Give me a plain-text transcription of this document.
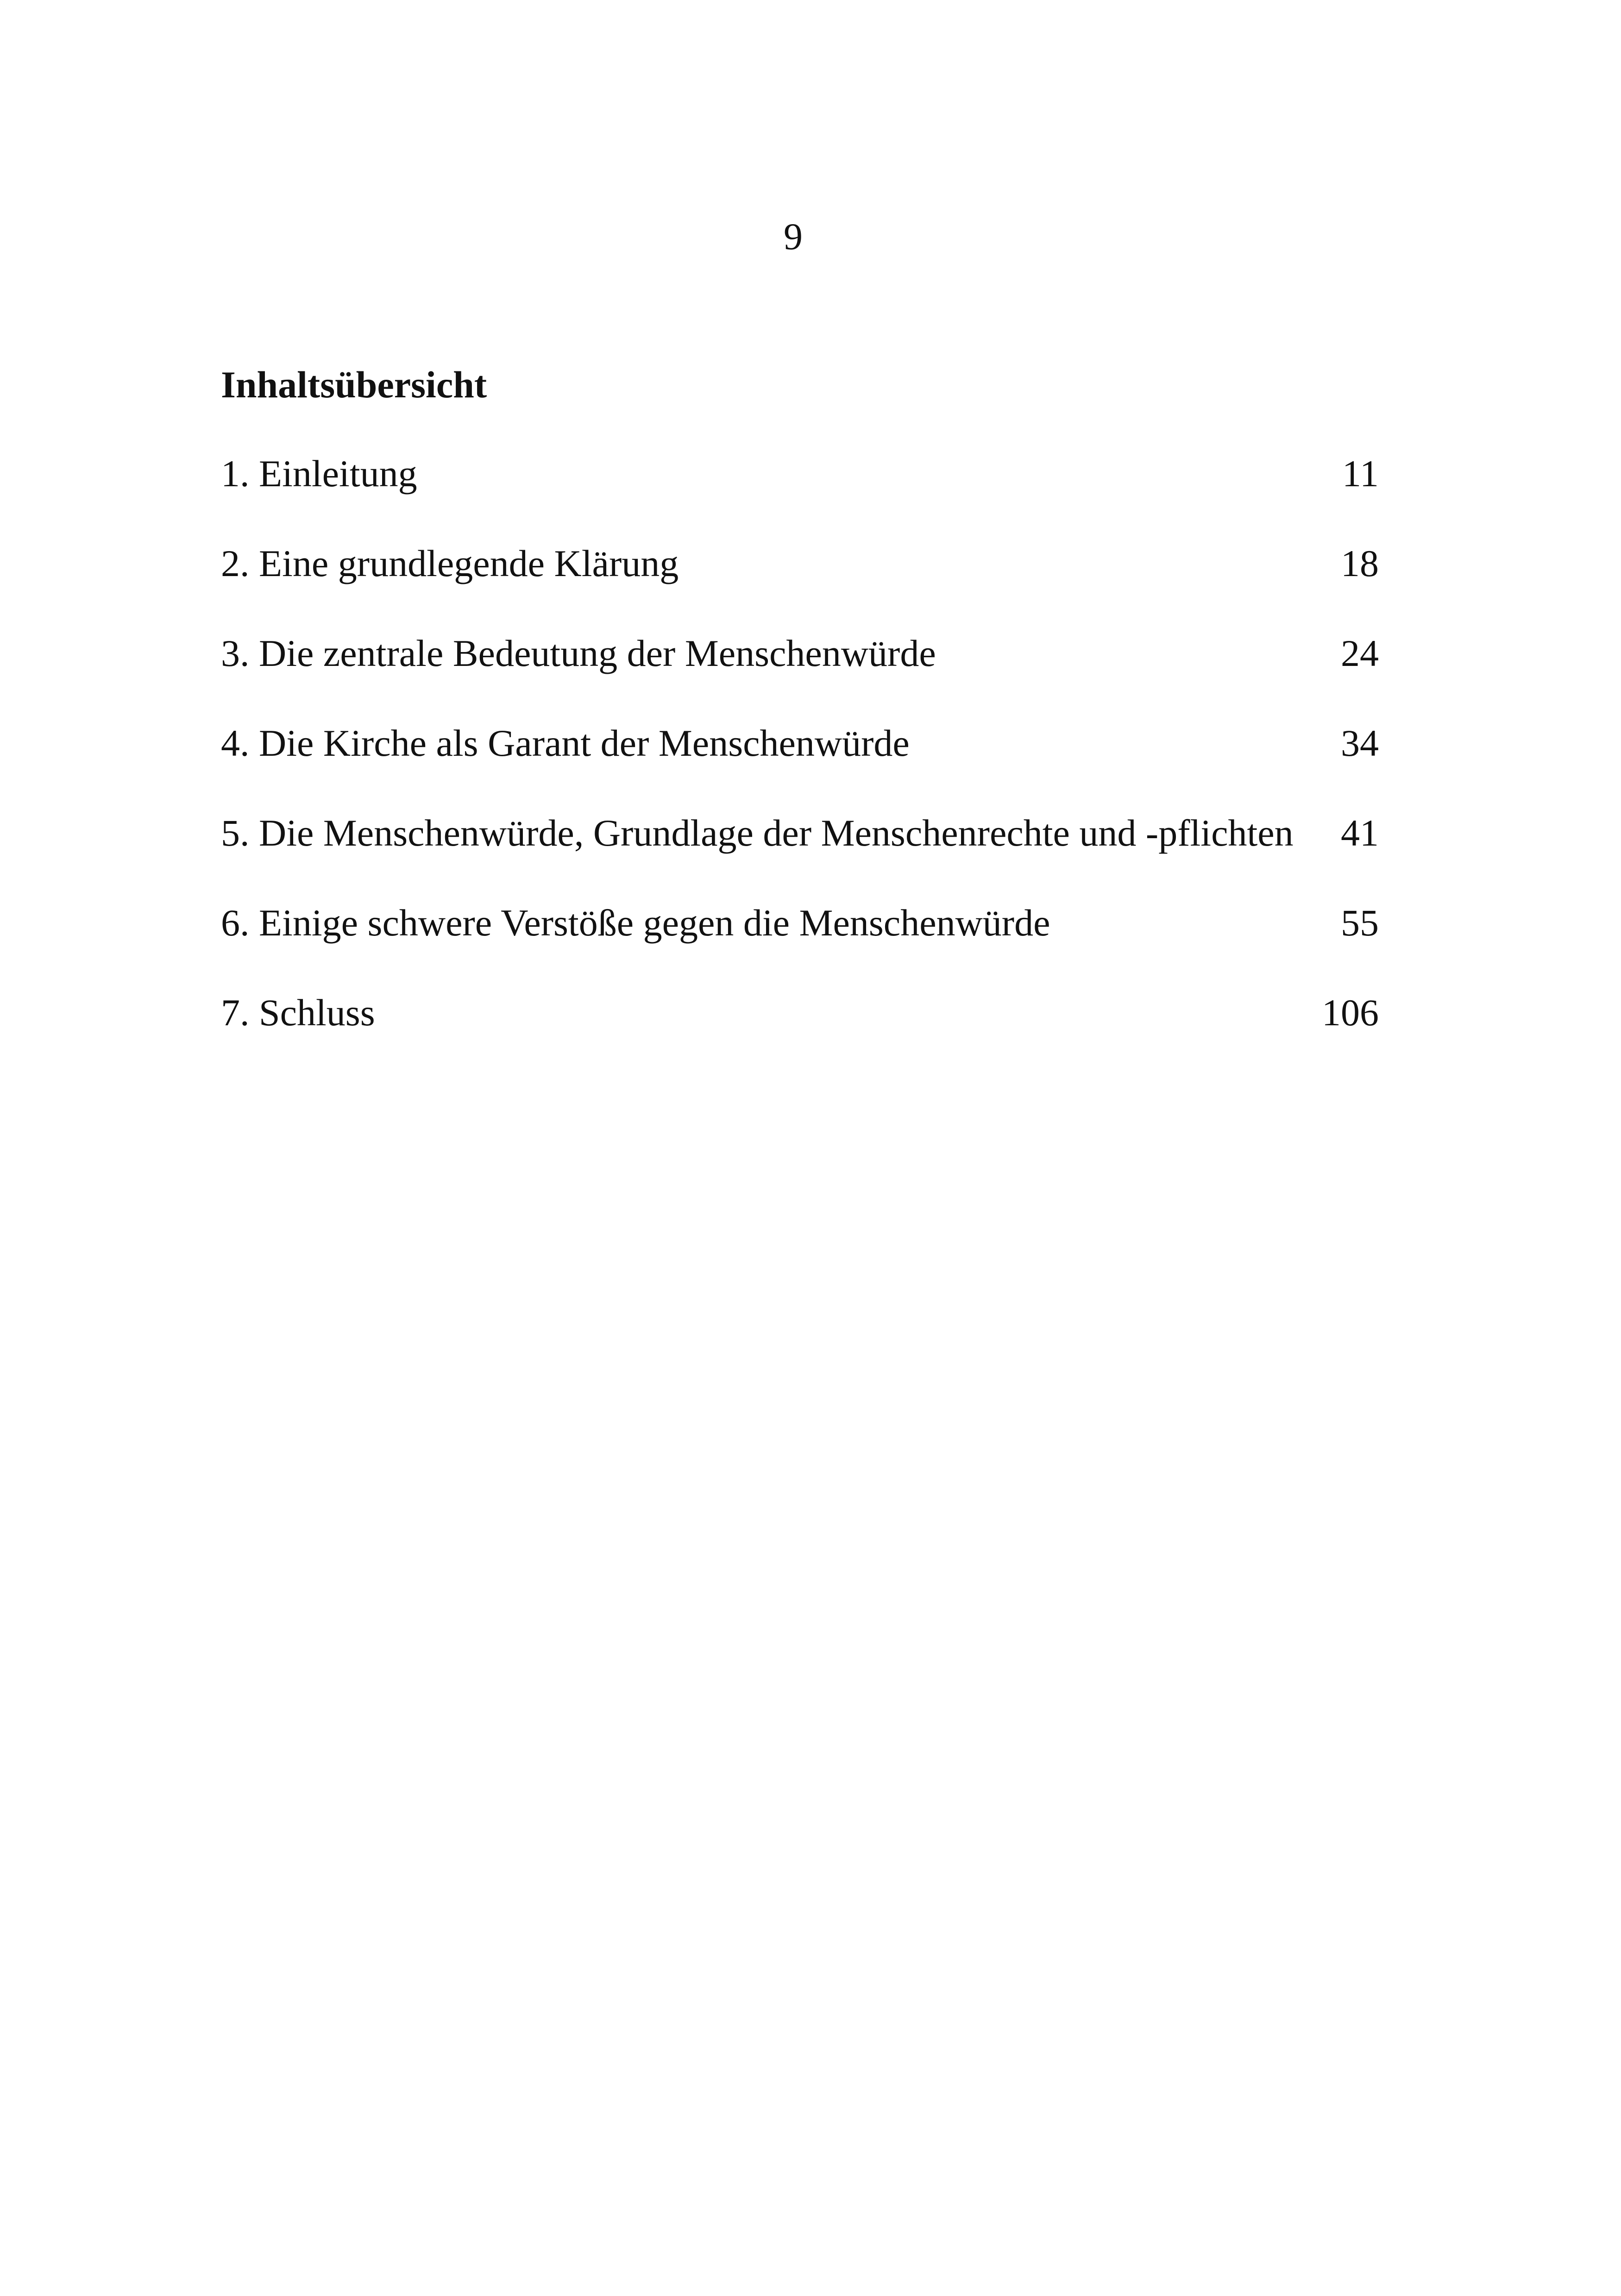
9
Inhaltsübersicht
1. Einleitung	11
2. Eine grundlegende Klärung	18
3. Die zentrale Bedeutung der Menschenwürde	24
4. Die Kirche als Garant der Menschenwürde	34
5. Die Menschenwürde, Grundlage der Menschenrechte und -pflichten	41
6. Einige schwere Verstöße gegen die Menschenwürde	55
7. Schluss	106
